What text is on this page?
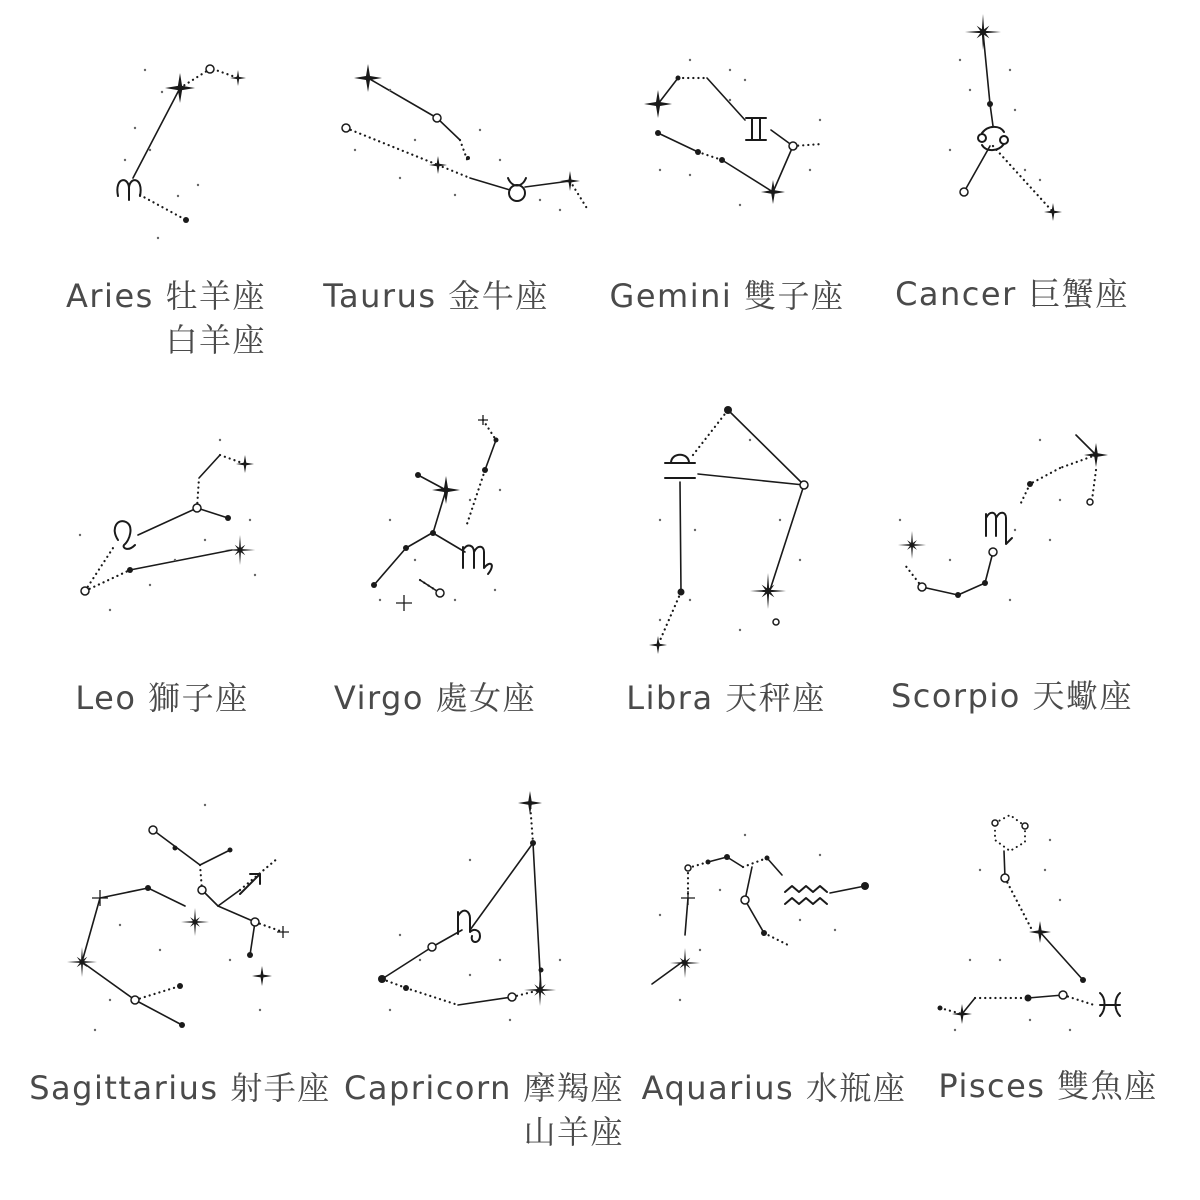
Aries 牡羊座
白羊座
Taurus 金牛座 Gemini 雙子座 Cancer 巨蟹座
Leo 獅子座	Virgo 處女座	Libra 天秤座 Scorpio 天蠍座
Sagittarius 射手座 Capricorn 摩羯座
山羊座
Aquarius 水瓶座 Pisces 雙魚座
